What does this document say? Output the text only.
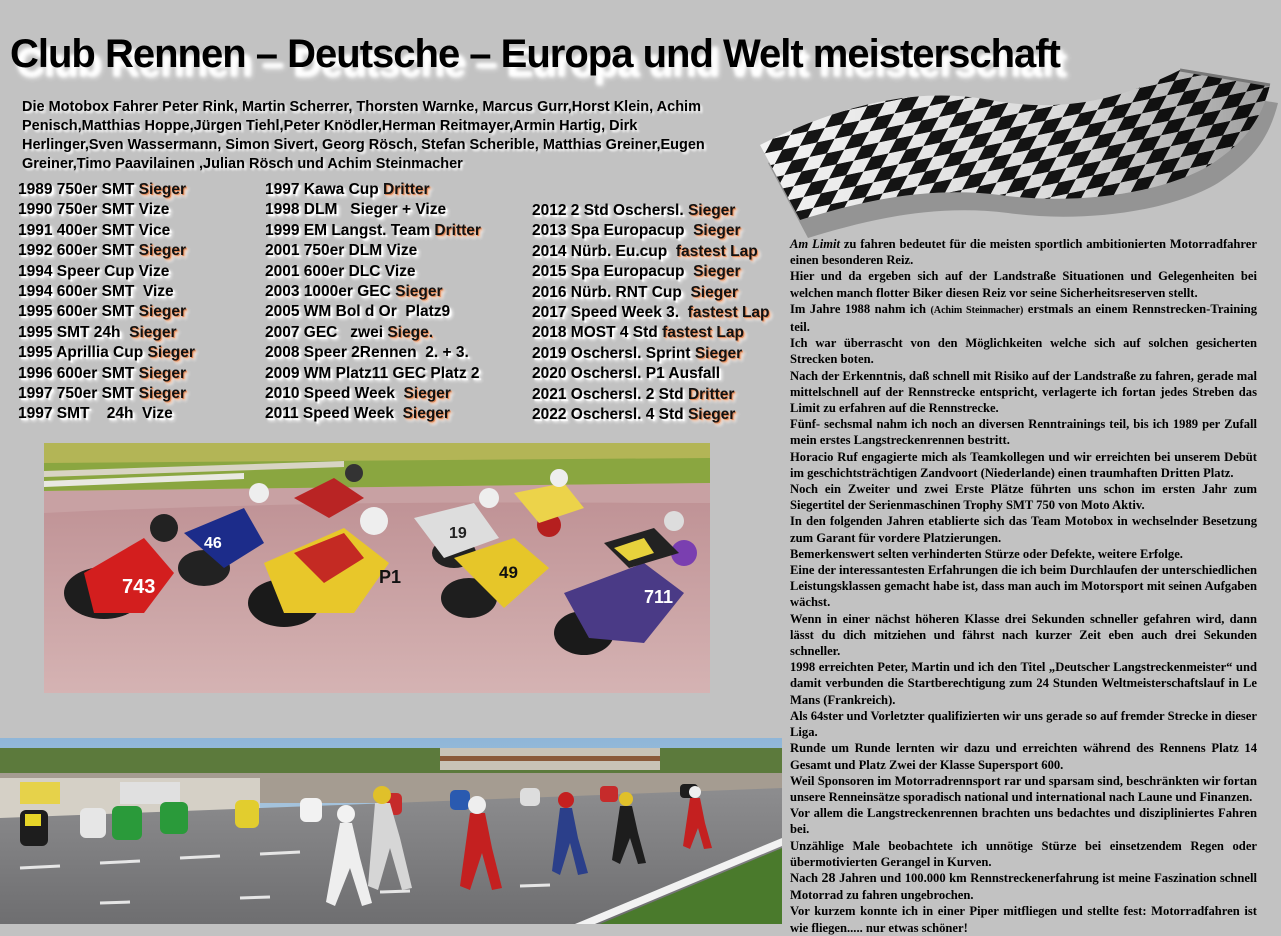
Club Rennen – Deutsche – Europa und Welt meisterschaft
Die Motobox Fahrer Peter Rink, Martin Scherrer, Thorsten Warnke, Marcus Gurr,Horst Klein, Achim Penisch,Matthias Hoppe,Jürgen Tiehl,Peter Knödler,Herman Reitmayer,Armin Hartig, Dirk Herlinger,Sven Wassermann, Simon Sivert, Georg Rösch, Stefan Scherible, Matthias Greiner,Eugen Greiner,Timo Paavilainen ,Julian Rösch und Achim Steinmacher
1989 750er SMT Sieger
1990 750er SMT Vize
1991 400er SMT Vice
1992 600er SMT Sieger
1994 Speer Cup Vize
1994 600er SMT  Vize
1995 600er SMT Sieger
1995 SMT 24h  Sieger
1995 Aprillia Cup Sieger
1996 600er SMT Sieger
1997 750er SMT Sieger
1997 SMT    24h  Vize
1997 Kawa Cup Dritter
1998 DLM   Sieger + Vize
1999 EM Langst. Team Dritter
2001 750er DLM Vize
2001 600er DLC Vize
2003 1000er GEC Sieger
2005 WM Bol d Or  Platz9
2007 GEC   zwei Siege.
2008 Speer 2Rennen  2. + 3.
2009 WM Platz11 GEC Platz 2
2010 Speed Week  Sieger
2011 Speed Week  Sieger
2012 2 Std Oschersl. Sieger
2013 Spa Europacup  Sieger
2014 Nürb. Eu.cup  fastest Lap
2015 Spa Europacup  Sieger
2016 Nürb. RNT Cup  Sieger
2017 Speed Week 3.  fastest Lap
2018 MOST 4 Std fastest Lap
2019 Oschersl. Sprint Sieger
2020 Oschersl. P1 Ausfall
2021 Oschersl. 2 Std Dritter
2022 Oschersl. 4 Std Sieger

Am Limit zu fahren bedeutet für die meisten sportlich ambitionierten Motorradfahrer einen besonderen Reiz.

Hier und da ergeben sich auf der Landstraße Situationen und Gelegenheiten bei welchen manch flotter Biker diesen Reiz vor seine Sicherheitsreserven stellt.

Im Jahre 1988 nahm ich (Achim Steinmacher) erstmals an einem Rennstrecken-Training teil.

Ich war überrascht von den Möglichkeiten welche sich auf solchen gesicherten Strecken boten.

Nach der Erkenntnis, daß schnell mit Risiko auf der Landstraße zu fahren, gerade mal mittelschnell auf der Rennstrecke entspricht, verlagerte ich fortan jedes Streben das Limit zu erfahren auf die Rennstrecke.

Fünf- sechsmal nahm ich noch an diversen Renntrainings teil, bis ich 1989 per Zufall mein erstes Langstreckenrennen bestritt.

Horacio Ruf engagierte mich als Teamkollegen und wir erreichten bei unserem Debüt im geschichtsträchtigen Zandvoort (Niederlande) einen traumhaften Dritten Platz.

Noch ein Zweiter und zwei Erste Plätze führten uns schon im ersten Jahr zum Siegertitel der Serienmaschinen Trophy SMT 750 von Moto Aktiv.

In den folgenden Jahren etablierte sich das Team Motobox in wechselnder Besetzung zum Garant für vordere Platzierungen.

Bemerkenswert selten verhinderten Stürze oder Defekte, weitere Erfolge.

Eine der interessantesten Erfahrungen die ich beim Durchlaufen der unterschiedlichen Leistungsklassen gemacht habe ist, dass man auch im Motorsport mit seinen Aufgaben wächst.

Wenn in einer nächst höheren Klasse drei Sekunden schneller gefahren wird, dann lässt du dich mitziehen und fährst nach kurzer Zeit eben auch drei Sekunden schneller.

1998 erreichten Peter, Martin und ich den Titel „Deutscher Langstreckenmeister“ und damit verbunden die Startberechtigung zum 24 Stunden Weltmeisterschaftslauf in Le Mans (Frankreich).

Als 64ster und Vorletzter qualifizierten wir uns gerade so auf fremder Strecke in dieser Liga.

Runde um Runde lernten wir dazu und erreichten während des Rennens Platz 14 Gesamt und Platz Zwei der Klasse Supersport 600.

Weil Sponsoren im Motorradrennsport rar und sparsam sind, beschränkten wir fortan unsere Renneinsätze sporadisch national und international nach Laune und Finanzen.

Vor allem die Langstreckenrennen brachten uns bedachtes und diszipliniertes Fahren bei.

Unzählige Male beobachtete ich unnötige Stürze bei einsetzendem Regen oder übermotivierten Gerangel in Kurven.

Nach 28 Jahren und 100.000 km Rennstreckenerfahrung ist meine Faszination schnell Motorrad zu fahren ungebrochen.

Vor kurzem konnte ich in einer Piper mitfliegen und stellte fest: Motorradfahren ist wie fliegen..... nur etwas schöner!

743
46
19
P1	49
711
